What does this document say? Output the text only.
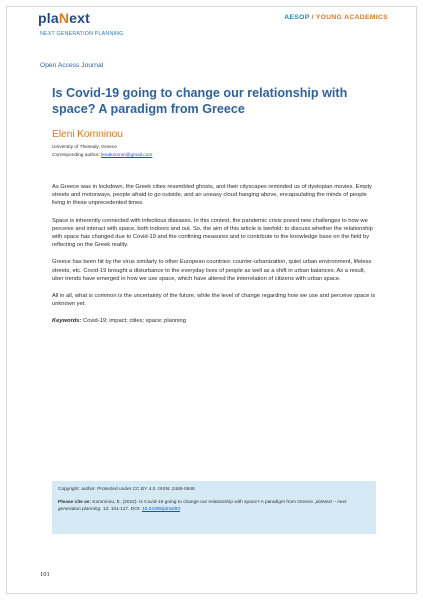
plaNext
NEXT GENERATION PLANNING
AESOP / YOUNG ACADEMICS
Open Access Journal
Is Covid-19 going to change our relationship with space? A paradigm from Greece
Eleni Komninou
University of Thessaly, Greece
Corresponding author: lenakomnin@gmail.com

As Greece was in lockdown, the Greek cities resembled ghosts, and their cityscapes reminded us of dystopian movies. Empty streets and motorways, people afraid to go outside, and an uneasy cloud hanging above, encapsulating the minds of people living in these unprecedented times.

Space is inherently connected with infectious diseases. In this context, the pandemic crisis posed new challenges to how we perceive and interact with space, both indoors and out. So, the aim of this article is twofold: to discuss whether the relationship with space has changed due to Covid-19 and the confining measures and to contribute to the knowledge base on the field by reflecting on the Greek reality.

Greece has been hit by the virus similarly to other European countries: counter-urbanization, quiet urban environment, lifeless streets, etc. Covid-19 brought a disturbance to the everyday lives of people as well as a shift in urban balances. As a result, uber trends have emerged in how we use space, which have altered the interrelation of citizens with urban space.

All in all, what is common is the uncertainty of the future, while the level of change regarding how we use and perceive space is unknown yet.

Keywords: Covid-19; impact; cities; space; planning
Copyright: author. Protected under CC BY 4.0. ISSN: 2468-0648.
Please cite as: Komninou, E. (2022). Is Covid-19 going to change our relationship with space? A paradigm from Greece. plaNext – next generation planning. 12: 101-117. DOI: 10.24306/plnxt/83
101
